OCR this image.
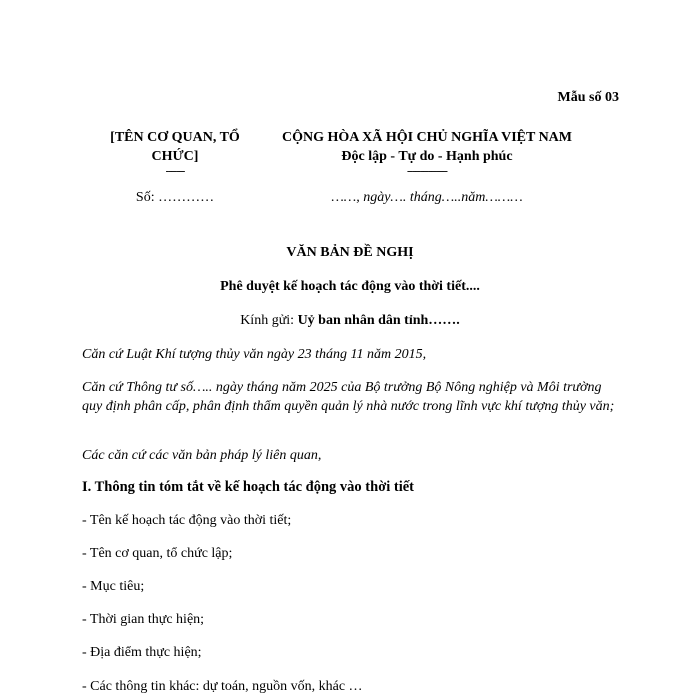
Mẫu số 03
[TÊN CƠ QUAN, TỔ CHỨC]
-------
Số: …………
CỘNG HÒA XÃ HỘI CHỦ NGHĨA VIỆT NAM
Độc lập - Tự do - Hạnh phúc
---------------
……, ngày…. tháng…..năm………
VĂN BẢN ĐỀ NGHỊ
Phê duyệt kế hoạch tác động vào thời tiết....
Kính gửi: Uỷ ban nhân dân tỉnh…….
Căn cứ Luật Khí tượng thủy văn ngày 23 tháng 11 năm 2015,
Căn cứ Thông tư số….. ngày tháng năm 2025 của Bộ trưởng Bộ Nông nghiệp và Môi trường quy định phân cấp, phân định thẩm quyền quản lý nhà nước trong lĩnh vực khí tượng thủy văn;
Các căn cứ các văn bản pháp lý liên quan,
I. Thông tin tóm tắt về kế hoạch tác động vào thời tiết
- Tên kế hoạch tác động vào thời tiết;
- Tên cơ quan, tổ chức lập;
- Mục tiêu;
- Thời gian thực hiện;
- Địa điểm thực hiện;
- Các thông tin khác: dự toán, nguồn vốn, khác …
